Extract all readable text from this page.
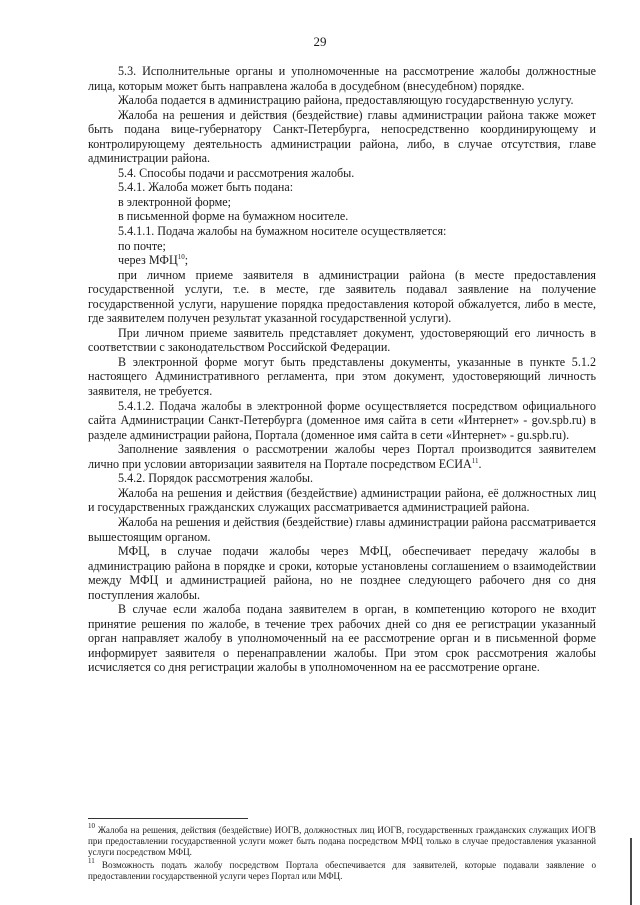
29

5.3. Исполнительные органы и уполномоченные на рассмотрение жалобы должностные лица, которым может быть направлена жалоба в досудебном (внесудебном) порядке.

Жалоба подается в администрацию района, предоставляющую государственную услугу.

Жалоба на решения и действия (бездействие) главы администрации района также может быть подана вице-губернатору Санкт-Петербурга, непосредственно координирующему и контролирующему деятельность администрации района, либо, в случае отсутствия, главе администрации района.

5.4. Способы подачи и рассмотрения жалобы.

5.4.1. Жалоба может быть подана:

в электронной форме;

в письменной форме на бумажном носителе.

5.4.1.1. Подача жалобы на бумажном носителе осуществляется:

по почте;

через МФЦ$^{10}$;

при личном приеме заявителя в администрации района (в месте предоставления государственной услуги, т.е. в месте, где заявитель подавал заявление на получение государственной услуги, нарушение порядка предоставления которой обжалуется, либо в месте, где заявителем получен результат указанной государственной услуги).

При личном приеме заявитель представляет документ, удостоверяющий его личность в соответствии с законодательством Российской Федерации.

В электронной форме могут быть представлены документы, указанные в пункте 5.1.2 настоящего Административного регламента, при этом документ, удостоверяющий личность заявителя, не требуется.

5.4.1.2. Подача жалобы в электронной форме осуществляется посредством официального сайта Администрации Санкт-Петербурга (доменное имя сайта в сети «Интернет» - gov.spb.ru) в разделе администрации района, Портала (доменное имя сайта в сети «Интернет» - gu.spb.ru).

Заполнение заявления о рассмотрении жалобы через Портал производится заявителем лично при условии авторизации заявителя на Портале посредством ЕСИА$^{11}$.

5.4.2. Порядок рассмотрения жалобы.

Жалоба на решения и действия (бездействие) администрации района, её должностных лиц и государственных гражданских служащих рассматривается администрацией района.

Жалоба на решения и действия (бездействие) главы администрации района рассматривается вышестоящим органом.

МФЦ, в случае подачи жалобы через МФЦ, обеспечивает передачу жалобы в администрацию района в порядке и сроки, которые установлены соглашением о взаимодействии между МФЦ и администрацией района, но не позднее следующего рабочего дня со дня поступления жалобы.

В случае если жалоба подана заявителем в орган, в компетенцию которого не входит принятие решения по жалобе, в течение трех рабочих дней со дня ее регистрации указанный орган направляет жалобу в уполномоченный на ее рассмотрение орган и в письменной форме информирует заявителя о перенаправлении жалобы. При этом срок рассмотрения жалобы исчисляется со дня регистрации жалобы в уполномоченном на ее рассмотрение органе.

$^{10}$ Жалоба на решения, действия (бездействие) ИОГВ, должностных лиц ИОГВ, государственных гражданских служащих ИОГВ при предоставлении государственной услуги может быть подана посредством МФЦ только в случае предоставления указанной услуги посредством МФЦ.

$^{11}$ Возможность подать жалобу посредством Портала обеспечивается для заявителей, которые подавали заявление о предоставлении государственной услуги через Портал или МФЦ.
